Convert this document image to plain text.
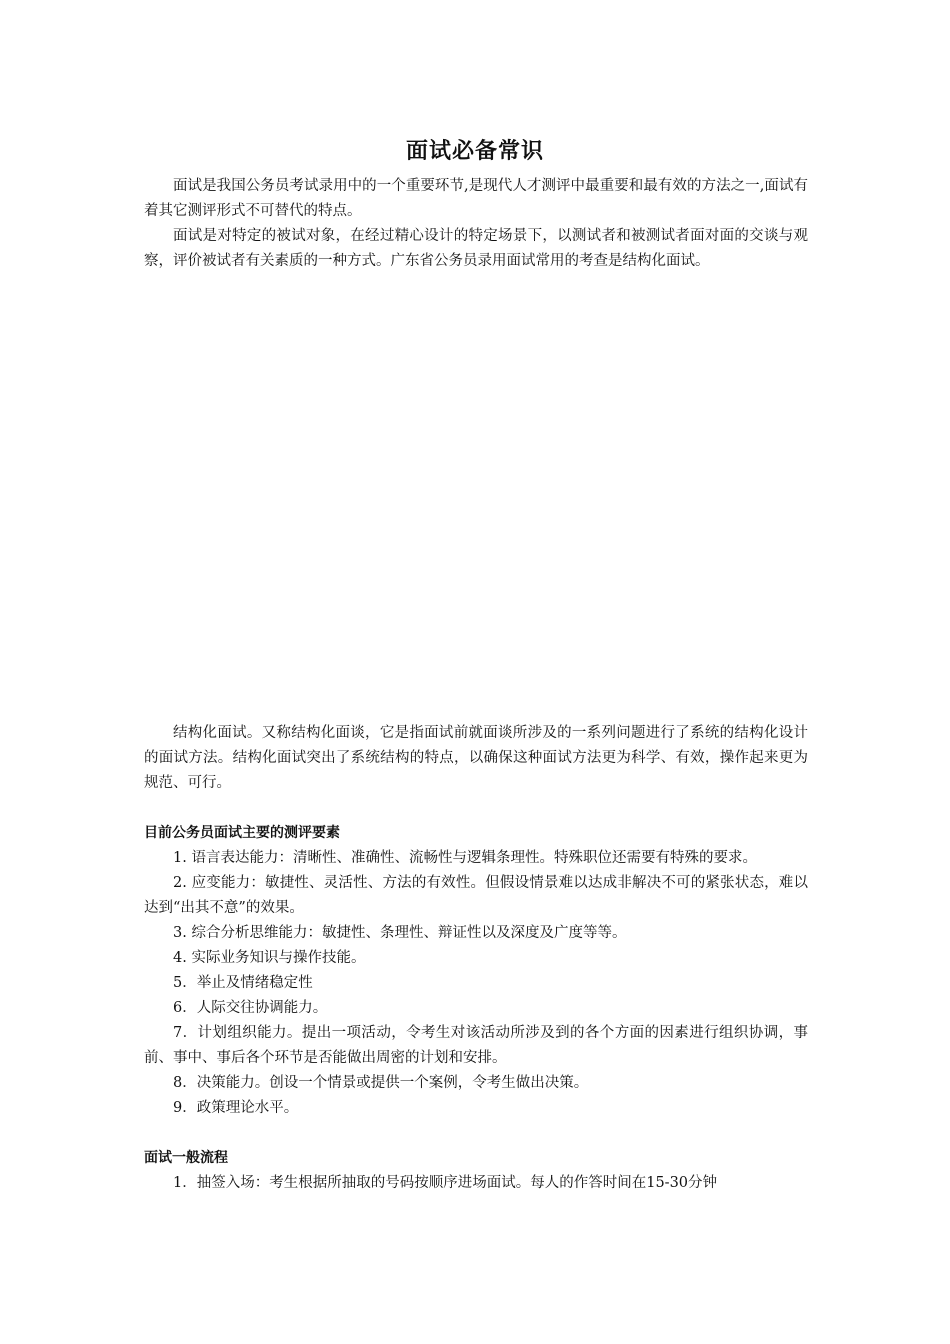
面试必备常识

面试是我国公务员考试录用中的一个重要环节,是现代人才测评中最重要和最有效的方法之一,面试有着其它测评形式不可替代的特点。

面试是对特定的被试对象，在经过精心设计的特定场景下，以测试者和被测试者面对面的交谈与观察，评价被试者有关素质的一种方式。广东省公务员录用面试常用的考查是结构化面试。

结构化面试。又称结构化面谈，它是指面试前就面谈所涉及的一系列问题进行了系统的结构化设计的面试方法。结构化面试突出了系统结构的特点，以确保这种面试方法更为科学、有效，操作起来更为规范、可行。

目前公务员面试主要的测评要素

1. 语言表达能力：清晰性、准确性、流畅性与逻辑条理性。特殊职位还需要有特殊的要求。

2. 应变能力：敏捷性、灵活性、方法的有效性。但假设情景难以达成非解决不可的紧张状态，难以达到“出其不意”的效果。

3. 综合分析思维能力：敏捷性、条理性、辩证性以及深度及广度等等。

4. 实际业务知识与操作技能。

5．举止及情绪稳定性

6．人际交往协调能力。

7．计划组织能力。提出一项活动，令考生对该活动所涉及到的各个方面的因素进行组织协调，事前、事中、事后各个环节是否能做出周密的计划和安排。

8．决策能力。创设一个情景或提供一个案例，令考生做出决策。

9．政策理论水平。

面试一般流程

1．抽签入场：考生根据所抽取的号码按顺序进场面试。每人的作答时间在15-30分钟
